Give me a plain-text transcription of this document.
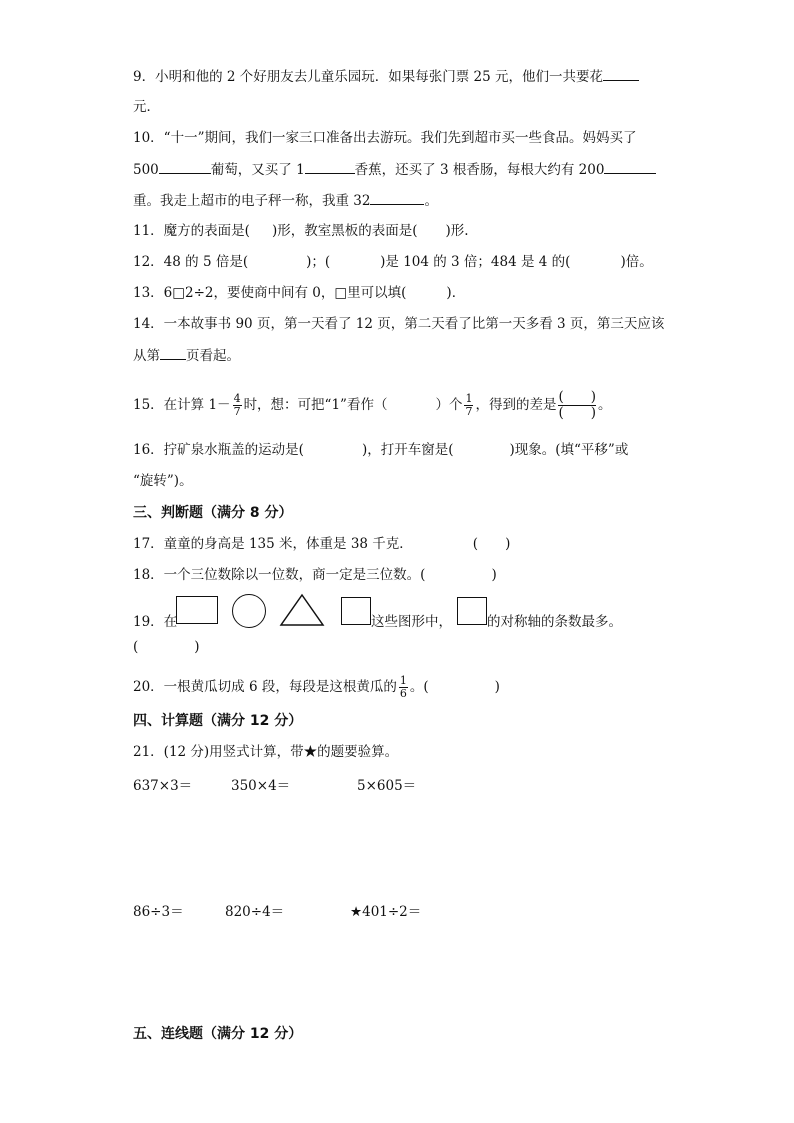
9．小明和他的 2 个好朋友去儿童乐园玩．如果每张门票 25 元，他们一共要花
元．
10．“十一”期间，我们一家三口准备出去游玩。我们先到超市买一些食品。妈妈买了
500	葡萄，又买了 1	香蕉，还买了 3 根香肠，每根大约有 200
重。我走上超市的电子秤一称，我重 32	。
11．魔方的表面是( )形，教室黑板的表面是( )形.
12．48 的 5 倍是(	)；(	)是 104 的 3 倍；484 是 4 的(	)倍。
13．6□2÷2，要使商中间有 0，□里可以填(	)．
14．一本故事书 90 页，第一天看了 12 页，第二天看了比第一天多看 3 页，第三天应该
从第 页看起。
15．在计算 $1- \frac{4}{7}$ 时，想：可把“1”看作（	）个 $\frac{1}{7}$ ，得到的差是 (　　)
(　　) 。
16．拧矿泉水瓶盖的运动是(	)，打开车窗是(	)现象。(填“平移”或
“旋转”)。
三、判断题（满分 8 分）
17．童童的身高是 135 米，体重是 38 千克．	(　　)
18．一个三位数除以一位数，商一定是三位数。(	)
19．在	这些图形中，	的对称轴的条数最多。
(	)
20．一根黄瓜切成 6 段，每段是这根黄瓜的 $\frac{1}{6}$ 。(	)
四、计算题（满分 12 分）
21．(12 分)用竖式计算，带★的题要验算。
637×3＝	350×4＝	5×605＝
86÷3＝	820÷4＝	★401÷2＝
五、连线题（满分 12 分）
